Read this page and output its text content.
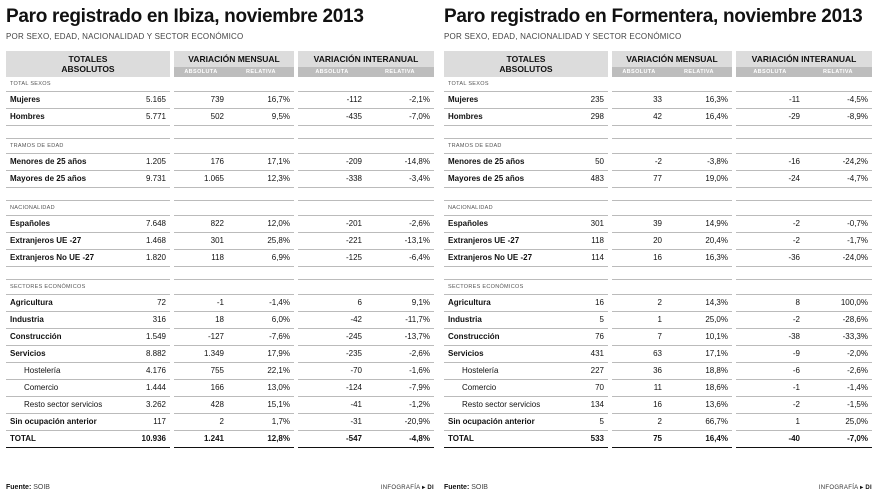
Paro registrado en Ibiza, noviembre 2013
POR SEXO, EDAD, NACIONALIDAD Y SECTOR ECONÓMICO
TOTALES
ABSOLUTOS		VARIACIÓN MENSUAL		VARIACIÓN INTERANUAL	
		ABSOLUTA	RELATIVA	ABSOLUTA	RELATIVA
TOTAL SEXOS					
Mujeres	5.165	739	16,7%	-112	-2,1%
Hombres	5.771	502	9,5%	-435	-7,0%

TRAMOS DE EDAD					
Menores de 25 años	1.205	176	17,1%	-209	-14,8%
Mayores de 25 años	9.731	1.065	12,3%	-338	-3,4%

NACIONALIDAD					
Españoles	7.648	822	12,0%	-201	-2,6%
Extranjeros UE -27	1.468	301	25,8%	-221	-13,1%
Extranjeros No UE -27	1.820	118	6,9%	-125	-6,4%

SECTORES ECONÓMICOS					
Agricultura	72	-1	-1,4%	6	9,1%
Industria	316	18	6,0%	-42	-11,7%
Construcción	1.549	-127	-7,6%	-245	-13,7%
Servicios	8.882	1.349	17,9%	-235	-2,6%
Hostelería	4.176	755	22,1%	-70	-1,6%
Comercio	1.444	166	13,0%	-124	-7,9%
Resto sector servicios	3.262	428	15,1%	-41	-1,2%
Sin ocupación anterior	117	2	1,7%	-31	-20,9%
TOTAL	10.936	1.241	12,8%	-547	-4,8%
Fuente: SOIB	INFOGRAFÍA ▸ DI
Paro registrado en Formentera, noviembre 2013
POR SEXO, EDAD, NACIONALIDAD Y SECTOR ECONÓMICO
TOTALES
ABSOLUTOS		VARIACIÓN MENSUAL		VARIACIÓN INTERANUAL	
		ABSOLUTA	RELATIVA	ABSOLUTA	RELATIVA
TOTAL SEXOS					
Mujeres	235	33	16,3%	-11	-4,5%
Hombres	298	42	16,4%	-29	-8,9%

TRAMOS DE EDAD					
Menores de 25 años	50	-2	-3,8%	-16	-24,2%
Mayores de 25 años	483	77	19,0%	-24	-4,7%

NACIONALIDAD					
Españoles	301	39	14,9%	-2	-0,7%
Extranjeros UE -27	118	20	20,4%	-2	-1,7%
Extranjeros No UE -27	114	16	16,3%	-36	-24,0%

SECTORES ECONÓMICOS					
Agricultura	16	2	14,3%	8	100,0%
Industria	5	1	25,0%	-2	-28,6%
Construcción	76	7	10,1%	-38	-33,3%
Servicios	431	63	17,1%	-9	-2,0%
Hostelería	227	36	18,8%	-6	-2,6%
Comercio	70	11	18,6%	-1	-1,4%
Resto sector servicios	134	16	13,6%	-2	-1,5%
Sin ocupación anterior	5	2	66,7%	1	25,0%
TOTAL	533	75	16,4%	-40	-7,0%
Fuente: SOIB	INFOGRAFÍA ▸ DI
